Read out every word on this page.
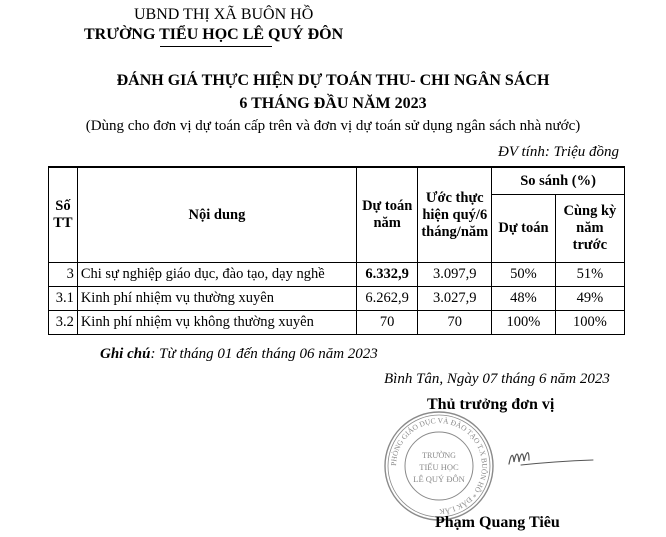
UBND THỊ XÃ BUÔN HỒ
TRƯỜNG TIỂU HỌC LÊ QUÝ ĐÔN
ĐÁNH GIÁ THỰC HIỆN DỰ TOÁN THU- CHI NGÂN SÁCH
6 THÁNG ĐẦU NĂM 2023
(Dùng cho đơn vị dự toán cấp trên và đơn vị dự toán sử dụng ngân sách nhà nước)
ĐV tính: Triệu đồng
Số TT	Nội dung	Dự toán năm	Ước thực hiện quý/6 tháng/năm	So sánh (%)	
				Dự toán	Cùng kỳ năm trước
3	Chi sự nghiệp giáo dục, đào tạo, dạy nghề	6.332,9	3.097,9	50%	51%
3.1	Kinh phí nhiệm vụ thường xuyên	6.262,9	3.027,9	48%	49%
3.2	Kinh phí nhiệm vụ không thường xuyên	70	70	100%	100%
Ghi chú: Từ tháng 01 đến tháng 06 năm 2023
Bình Tân, Ngày 07 tháng 6 năm 2023
Thủ trưởng đơn vị
PHÒNG GIÁO DỤC VÀ ĐÀO TẠO T.X BUÔN HỒ * ĐẮK LẮK
TRƯỜNG
TIỂU HỌC
LÊ QUÝ ĐÔN
Phạm Quang Tiêu
